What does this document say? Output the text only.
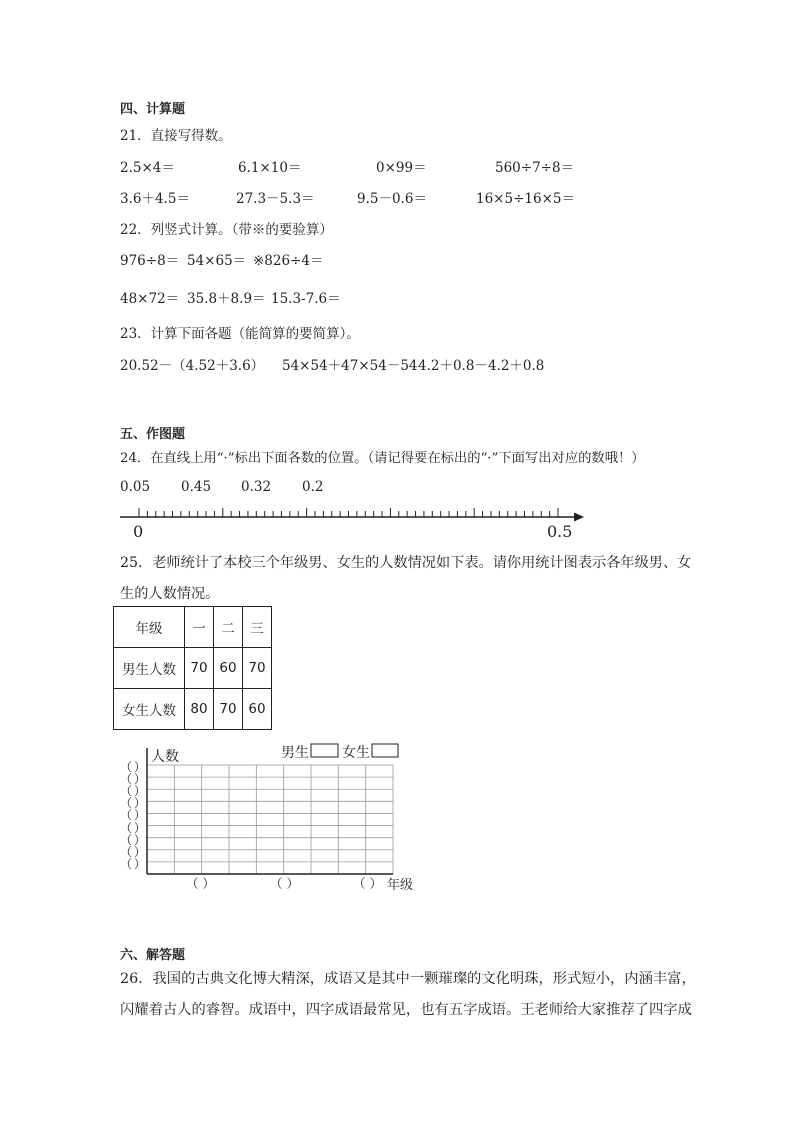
四、计算题
21．直接写得数。
2.5×4＝	6.1×10＝	0×99＝	560÷7÷8＝
3.6＋4.5＝	27.3－5.3＝	9.5－0.6＝	16×5÷16×5＝
22．列竖式计算。（带※的要验算）
976÷8＝ 54×65＝ ※826÷4＝
48×72＝ 35.8＋8.9＝ 15.3-7.6＝
23．计算下面各题（能简算的要简算）。
20.52－（4.52＋3.6） 54×54＋47×54－54 4.2＋0.8－4.2＋0.8
五、作图题
24．在直线上用“·”标出下面各数的位置。（请记得要在标出的“·”下面写出对应的数哦！）
0.05 0.45 0.32 0.2
0	0.5
25．老师统计了本校三个年级男、女生的人数情况如下表。请你用统计图表示各年级男、女
生的人数情况。
年级	一	二	三
男生人数	70	60	70
女生人数	80	70	60
人数	男生 女生
（ ）
（ ）
（ ）
（ ）
（ ）
（ ）
（ ）
（ ）
（ ）
（ ）	（ ）	（ ） 年级
六、解答题
26．我国的古典文化博大精深，成语又是其中一颗璀璨的文化明珠，形式短小，内涵丰富，
闪耀着古人的睿智。成语中，四字成语最常见，也有五字成语。王老师给大家推荐了四字成
